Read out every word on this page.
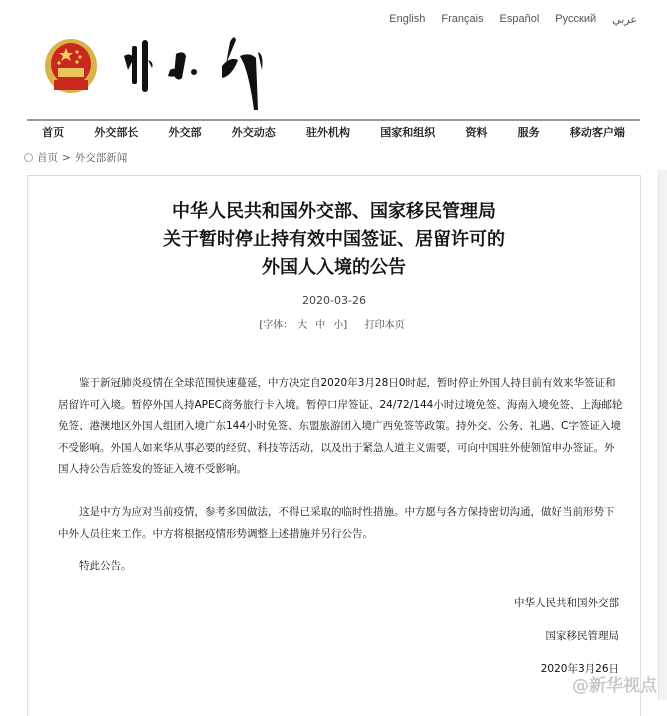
English Français Español Русский عربي
首页	外交部长	外交部	外交动态	驻外机构	国家和组织	资料	服务	移动客户端
首页 > 外交部新闻
中华人民共和国外交部、国家移民管理局
关于暂时停止持有效中国签证、居留许可的
外国人入境的公告
2020-03-26
[字体： 大 中 小] 打印本页

鉴于新冠肺炎疫情在全球范围快速蔓延，中方决定自2020年3月28日0时起，暂时停止外国人持目前有效来华签证和居留许可入境。暂停外国人持APEC商务旅行卡入境。暂停口岸签证、24/72/144小时过境免签、海南入境免签、上海邮轮免签、港澳地区外国人组团入境广东144小时免签、东盟旅游团入境广西免签等政策。持外交、公务、礼遇、C字签证入境不受影响。外国人如来华从事必要的经贸、科技等活动，以及出于紧急人道主义需要，可向中国驻外使领馆申办签证。外国人持公告后签发的签证入境不受影响。

这是中方为应对当前疫情，参考多国做法，不得已采取的临时性措施。中方愿与各方保持密切沟通，做好当前形势下中外人员往来工作。中方将根据疫情形势调整上述措施并另行公告。

特此公告。

中华人民共和国外交部
国家移民管理局
2020年3月26日
@新华视点
